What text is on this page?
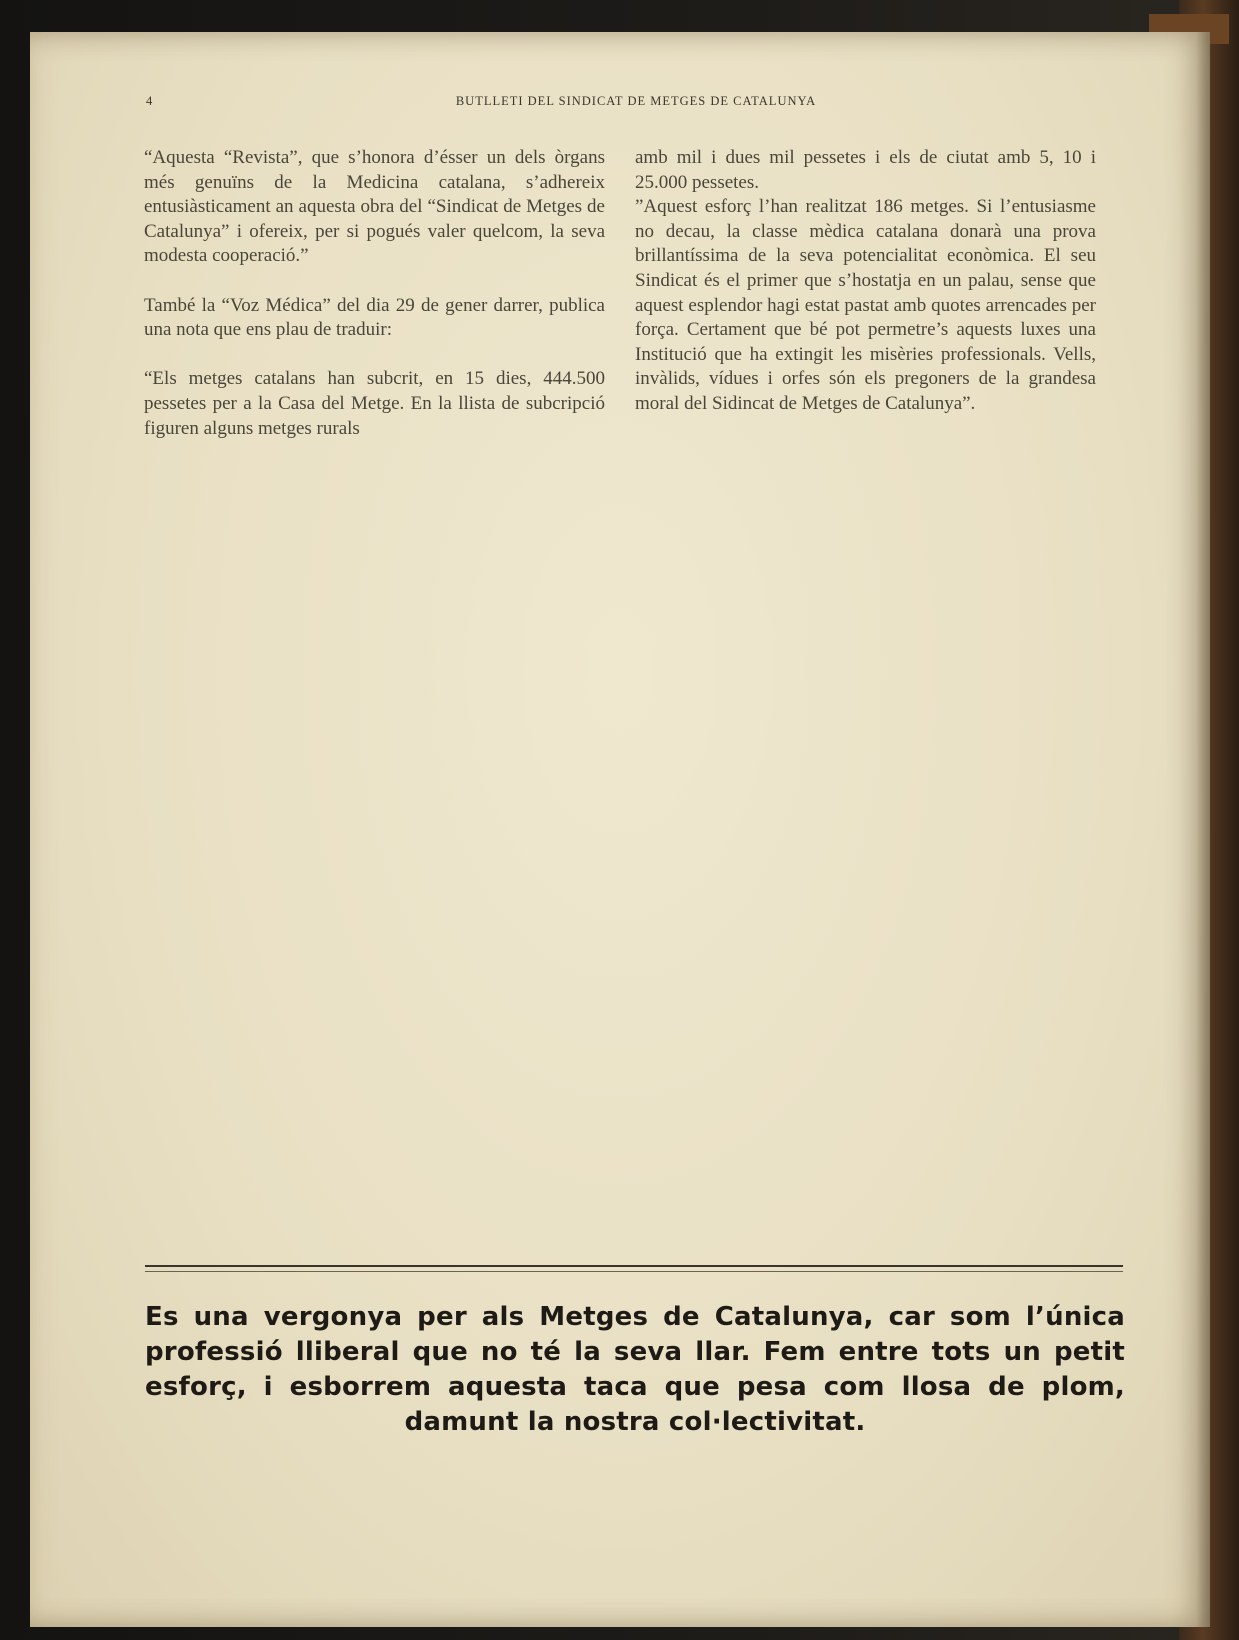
4	BUTLLETI DEL SINDICAT DE METGES DE CATALUNYA

“Aquesta “Revista”, que s’honora d’ésser un dels òrgans més genuïns de la Medicina catalana, s’adhereix entusiàsticament an aquesta obra del “Sindicat de Metges de Catalunya” i ofereix, per si pogués valer quelcom, la seva modesta cooperació.”

També la “Voz Médica” del dia 29 de gener darrer, publica una nota que ens plau de traduir:

“Els metges catalans han subcrit, en 15 dies, 444.500 pessetes per a la Casa del Metge. En la llista de subcripció figuren alguns metges rurals

amb mil i dues mil pessetes i els de ciutat amb 5, 10 i 25.000 pessetes.

”Aquest esforç l’han realitzat 186 metges. Si l’entusiasme no decau, la classe mèdica catalana donarà una prova brillantíssima de la seva potencialitat econòmica. El seu Sindicat és el primer que s’hostatja en un palau, sense que aquest esplendor hagi estat pastat amb quotes arrencades per força. Certament que bé pot permetre’s aquests luxes una Institució que ha extingit les misèries professionals. Vells, invàlids, vídues i orfes són els pregoners de la grandesa moral del Sidincat de Metges de Catalunya”.

Es una vergonya per als Metges de Catalunya, car som l’única professió lliberal que no té la seva llar. Fem entre tots un petit esforç, i esborrem aquesta taca que pesa com llosa de plom, damunt la nostra col·lectivitat.
